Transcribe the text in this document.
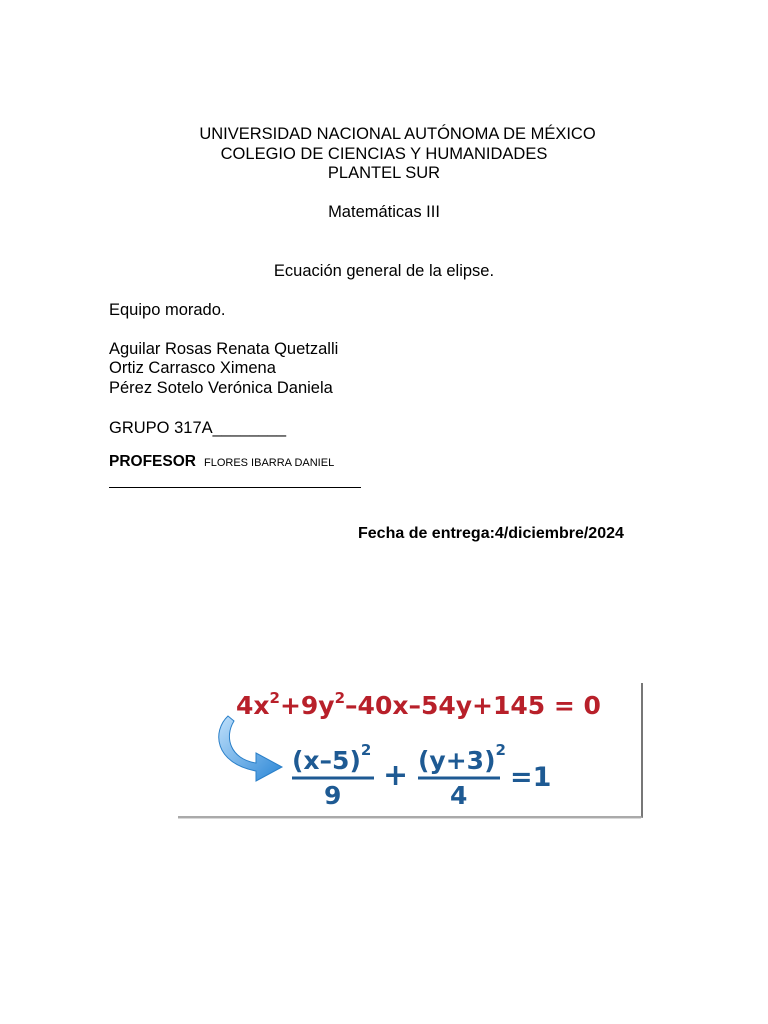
UNIVERSIDAD NACIONAL AUTÓNOMA DE MÉXICO
COLEGIO DE CIENCIAS Y HUMANIDADES
PLANTEL SUR
Matemáticas III
Ecuación general de la elipse.
Equipo morado.
Aguilar Rosas Renata Quetzalli
Ortiz Carrasco Ximena
Pérez Sotelo Verónica Daniela
GRUPO 317A________
PROFESOR FLORES IBARRA DANIEL
Fecha de entrega:4/diciembre/2024
$4x^2+9y^2-40x-54y+145 = 0$
$(x-5)^2$
9
+ $(y+3)^2$
4
=1
